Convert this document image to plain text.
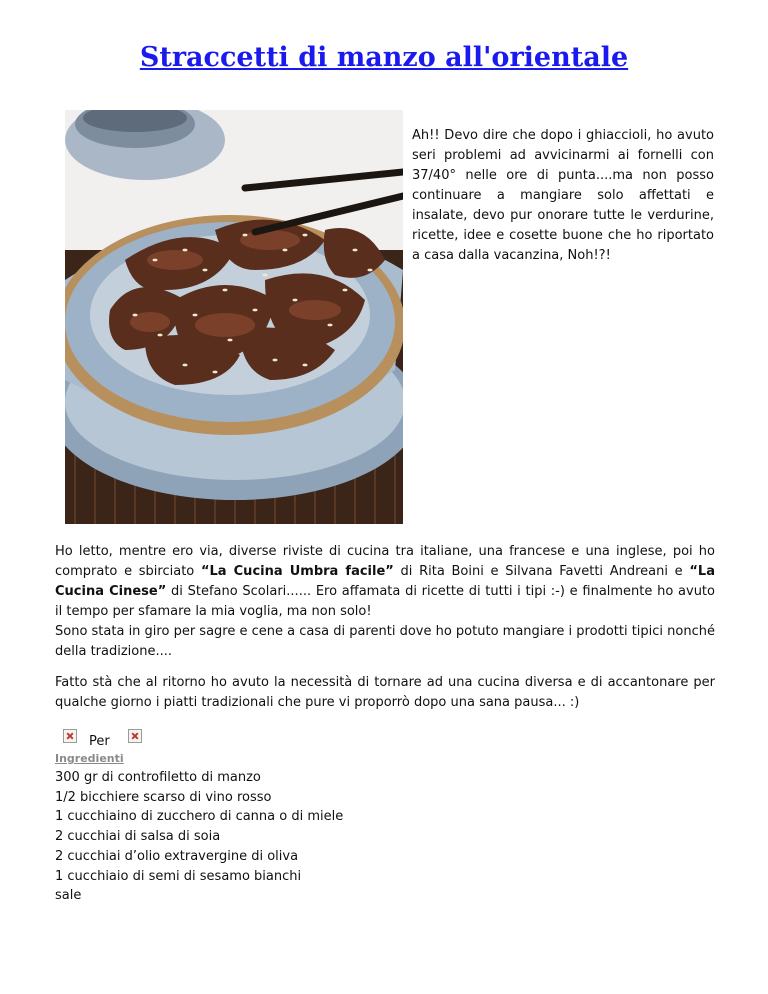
Straccetti di manzo all'orientale

Ah!! Devo dire che dopo i ghiaccioli, ho avuto seri problemi ad avvicinarmi ai fornelli con 37/40° nelle ore di punta....ma non posso continuare a mangiare solo affettati e insalate, devo pur onorare tutte le verdurine, ricette, idee e cosette buone che ho riportato a casa dalla vacanzina, Noh!?!

Ho letto, mentre ero via, diverse riviste di cucina tra italiane, una francese e una inglese, poi ho comprato e sbirciato “La Cucina Umbra facile” di Rita Boini e Silvana Favetti Andreani e “La Cucina Cinese” di Stefano Scolari...... Ero affamata di ricette di tutti i tipi :-) e finalmente ho avuto il tempo per sfamare la mia voglia, ma non solo!
Sono stata in giro per sagre e cene a casa di parenti dove ho potuto mangiare i prodotti tipici nonché della tradizione....

Fatto stà che al ritorno ho avuto la necessità di tornare ad una cucina diversa e di accantonare per qualche giorno i piatti tradizionali che pure vi proporrò dopo una sana pausa... :)

Per

Ingredienti

300 gr di controfiletto di manzo
1/2 bicchiere scarso di vino rosso
1 cucchiaino di zucchero di canna o di miele
2 cucchiai di salsa di soia
2 cucchiai d’olio extravergine di oliva
1 cucchiaio di semi di sesamo bianchi
sale
